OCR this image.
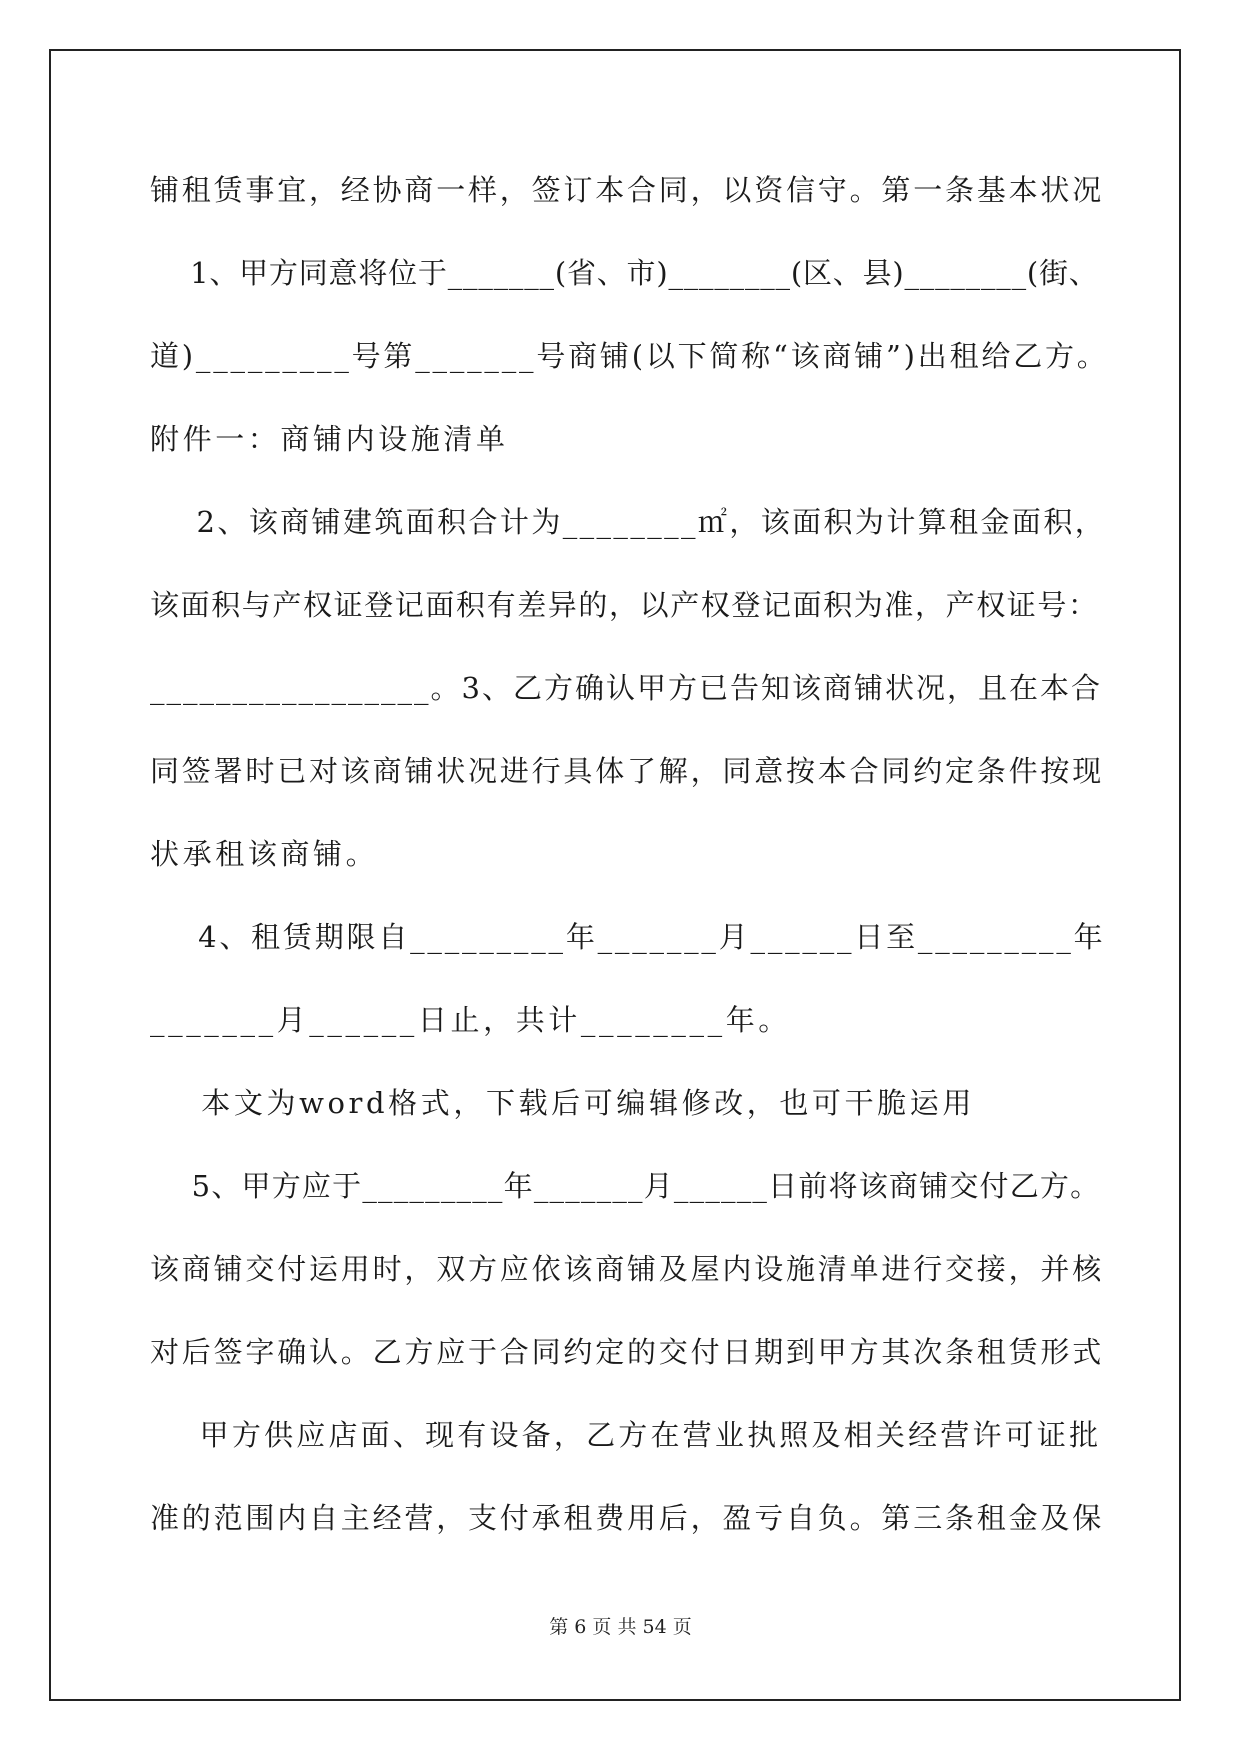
铺租赁事宜，经协商一样，签订本合同，以资信守。第一条基本状况

1、甲方同意将位于_______(省、市)________(区、县)________(街、

道)_________号第_______号商铺(以下简称“该商铺”)出租给乙方。

附件一：商铺内设施清单

2、该商铺建筑面积合计为________㎡，该面积为计算租金面积，

该面积与产权证登记面积有差异的，以产权登记面积为准，产权证号：

_________________。3、乙方确认甲方已告知该商铺状况，且在本合

同签署时已对该商铺状况进行具体了解，同意按本合同约定条件按现

状承租该商铺。

4、租赁期限自_________年_______月______日至_________年

_______月______日止，共计________年。

本文为word格式，下载后可编辑修改，也可干脆运用

5、甲方应于_________年_______月______日前将该商铺交付乙方。

该商铺交付运用时，双方应依该商铺及屋内设施清单进行交接，并核

对后签字确认。乙方应于合同约定的交付日期到甲方其次条租赁形式

甲方供应店面、现有设备，乙方在营业执照及相关经营许可证批

准的范围内自主经营，支付承租费用后，盈亏自负。第三条租金及保

第 6 页 共 54 页
